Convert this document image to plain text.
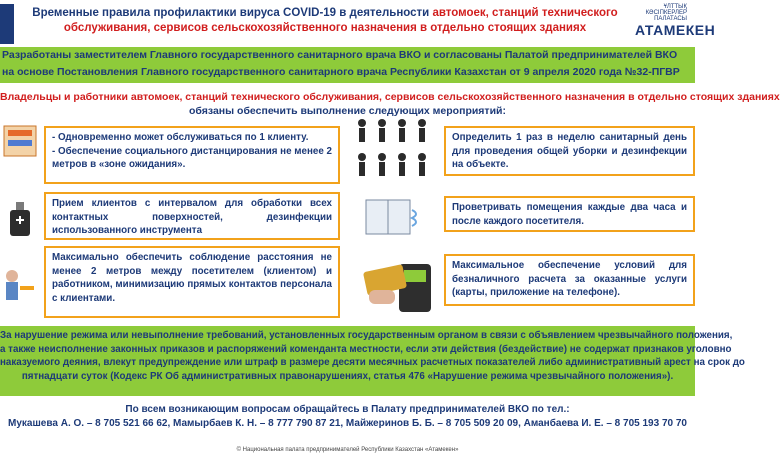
Временные правила профилактики вируса COVID-19 в деятельности автомоек, станций технического обслуживания, сервисов сельскохозяйственного назначения в отдельно стоящих зданиях
ҰЛТТЫҚ КӘСІПКЕРЛЕР ПАЛАТАСЫ
АТАМЕКЕН

Разработаны заместителем Главного государственного санитарного врача ВКО и согласованы Палатой предпринимателей ВКО

на основе Постановления Главного государственного санитарного врача Республики Казахстан от 9 апреля 2020 года №32-ПГВР

Владельцы и работники автомоек, станций технического обслуживания, сервисов сельскохозяйственного назначения в отдельно стоящих зданиях
обязаны обеспечить выполнение следующих мероприятий:
- Одновременно может обслуживаться по 1 клиенту.
- Обеспечение социального дистанцирования не менее 2 метров в «зоне ожидания».
Прием клиентов с интервалом для обработки всех контактных поверхностей, дезинфекции использованного инструмента
Максимально обеспечить соблюдение расстояния не менее 2 метров между посетителем (клиентом) и работником, минимизацию прямых контактов персонала с клиентами.
Определить 1 раз в неделю санитарный день для проведения общей уборки и дезинфекции на объекте.
Проветривать помещения каждые два часа и после каждого посетителя.
Максимальное обеспечение условий для безналичного расчета за оказанные услуги (карты, приложение на телефоне).

За нарушение режима или невыполнение требований, установленных государственным органом в связи с объявлением чрезвычайного положения,

а также неисполнение законных приказов и распоряжений коменданта местности, если эти действия (бездействие) не содержат признаков уголовно

наказуемого деяния, влекут предупреждение или штраф в размере десяти месячных расчетных показателей либо административный арест на срок до

пятнадцати суток (Кодекс РК Об административных правонарушениях, статья 476 «Нарушение режима чрезвычайного положения»).

По всем возникающим вопросам обращайтесь в Палату предпринимателей ВКО по тел.:
Мукашева А. О. – 8 705 521 66 62, Мамырбаев К. Н. – 8 777 790 87 21, Майжеринов Б. Б. – 8 705 509 20 09, Аманбаева И. Е. – 8 705 193 70 70
© Национальная палата предпринимателей Республики Казахстан «Атамекен»
